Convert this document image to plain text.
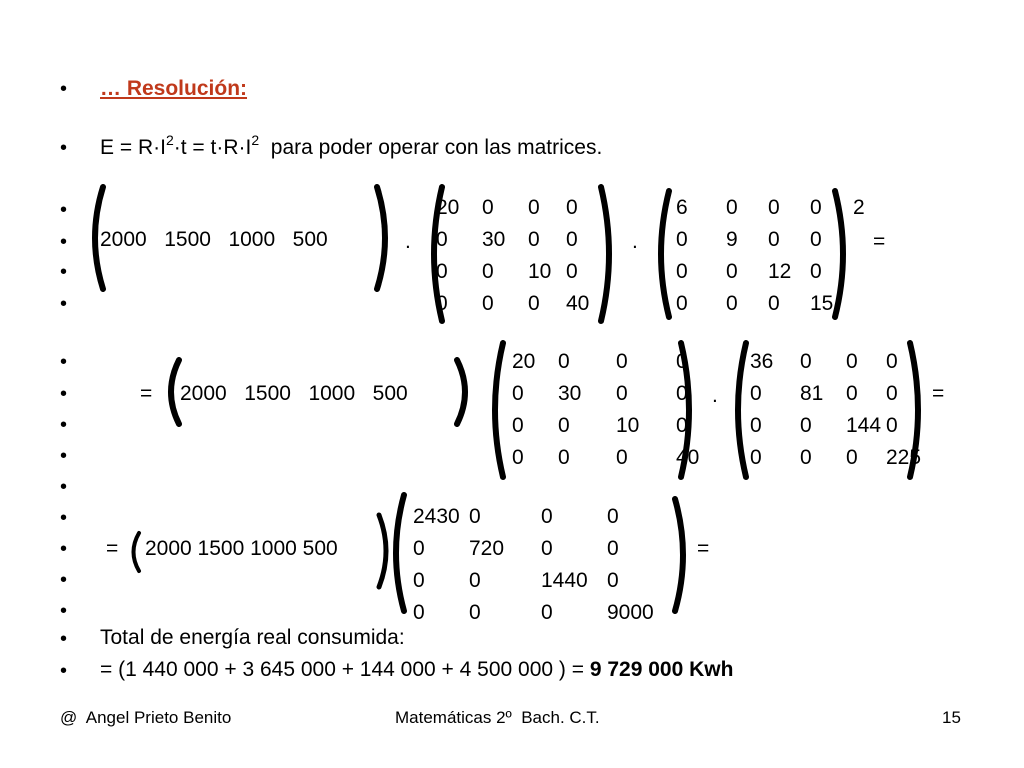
•
•
•
•
•
•
•
•
•
•
•
•
•
•
•
•
•
… Resolución:
$E = R\cdot I^2\cdot t = t\cdot R\cdot I^2$  para poder operar con las matrices.
2000   1500   1000   500	.
20 0 0 0
0 30 0 0
0 0 10 0
0 0 0 40
.
6 0 0 0
0 9 0 0
0 0 12 0
0 0 0 15
2
=
= 2000   1500   1000   500
20 0 0 0
0 30 0 0
0 0 10 0
0 0 0 40
.
36 0 0 0
0 81 0 0
0 0 144 0
0 0 0 225
=
= 2000 1500 1000 500
2430 0	0	0
0 720 0	0
0 0	1440 0
0 0	0	9000
=
Total de energía real consumida:
= (1 440 000 + 3 645 000 + 144 000 + 4 500 000 ) = 9 729 000 Kwh
@  Angel Prieto Benito	Matemáticas 2º  Bach. C.T.	15
